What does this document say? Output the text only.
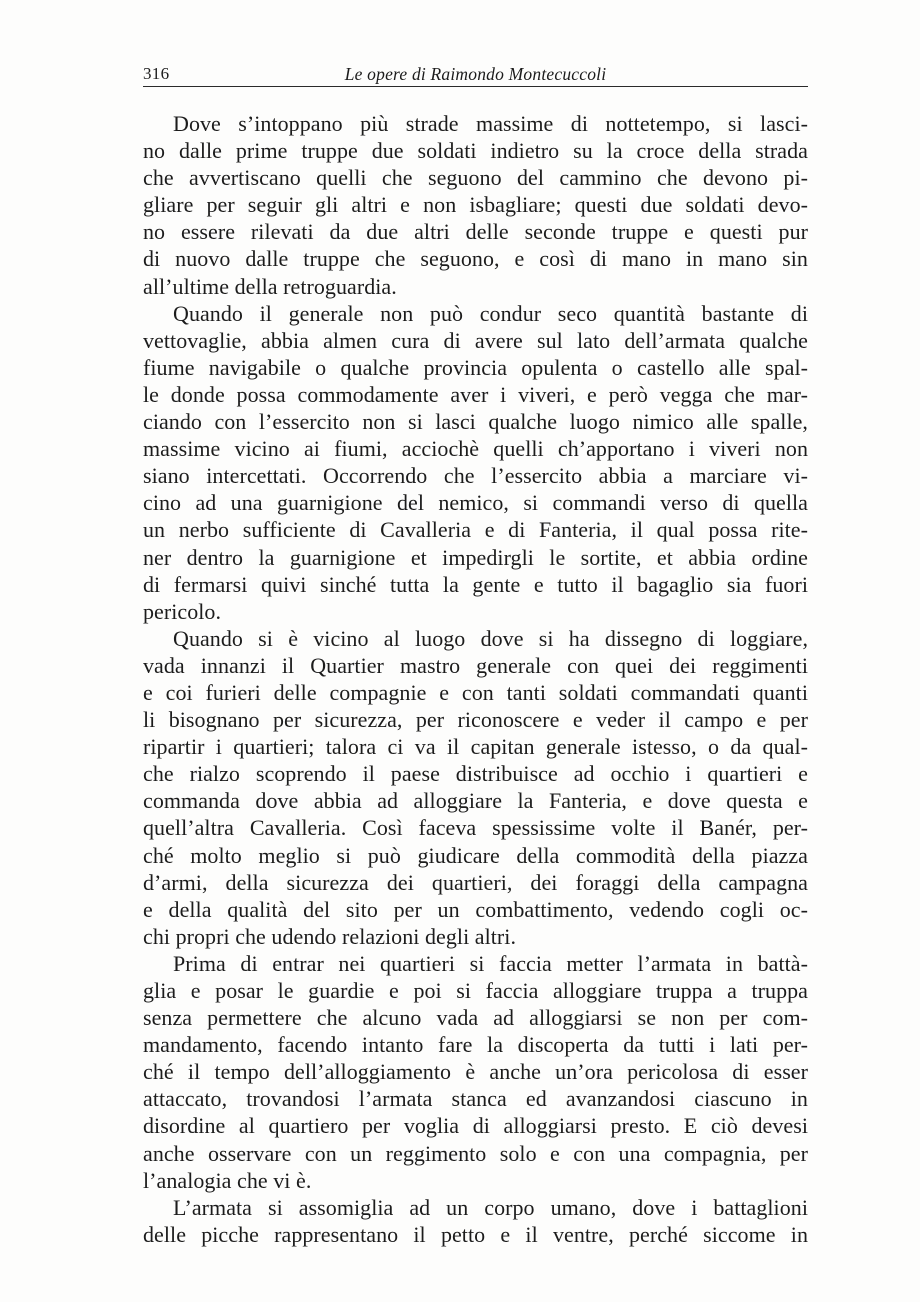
316	Le opere di Raimondo Montecuccoli
Dove s’intoppano più strade massime di nottetempo, si lasci-
no dalle prime truppe due soldati indietro su la croce della strada
che avvertiscano quelli che seguono del cammino che devono pi-
gliare per seguir gli altri e non isbagliare; questi due soldati devo-
no essere rilevati da due altri delle seconde truppe e questi pur
di nuovo dalle truppe che seguono, e così di mano in mano sin
all’ultime della retroguardia.
Quando il generale non può condur seco quantità bastante di
vettovaglie, abbia almen cura di avere sul lato dell’armata qualche
fiume navigabile o qualche provincia opulenta o castello alle spal-
le donde possa commodamente aver i viveri, e però vegga che mar-
ciando con l’essercito non si lasci qualche luogo nimico alle spalle,
massime vicino ai fiumi, acciochè quelli ch’apportano i viveri non
siano intercettati. Occorrendo che l’essercito abbia a marciare vi-
cino ad una guarnigione del nemico, si commandi verso di quella
un nerbo sufficiente di Cavalleria e di Fanteria, il qual possa rite-
ner dentro la guarnigione et impedirgli le sortite, et abbia ordine
di fermarsi quivi sinché tutta la gente e tutto il bagaglio sia fuori
pericolo.
Quando si è vicino al luogo dove si ha dissegno di loggiare,
vada innanzi il Quartier mastro generale con quei dei reggimenti
e coi furieri delle compagnie e con tanti soldati commandati quanti
li bisognano per sicurezza, per riconoscere e veder il campo e per
ripartir i quartieri; talora ci va il capitan generale istesso, o da qual-
che rialzo scoprendo il paese distribuisce ad occhio i quartieri e
commanda dove abbia ad alloggiare la Fanteria, e dove questa e
quell’altra Cavalleria. Così faceva spessissime volte il Banér, per-
ché molto meglio si può giudicare della commodità della piazza
d’armi, della sicurezza dei quartieri, dei foraggi della campagna
e della qualità del sito per un combattimento, vedendo cogli oc-
chi propri che udendo relazioni degli altri.
Prima di entrar nei quartieri si faccia metter l’armata in battà-
glia e posar le guardie e poi si faccia alloggiare truppa a truppa
senza permettere che alcuno vada ad alloggiarsi se non per com-
mandamento, facendo intanto fare la discoperta da tutti i lati per-
ché il tempo dell’alloggiamento è anche un’ora pericolosa di esser
attaccato, trovandosi l’armata stanca ed avanzandosi ciascuno in
disordine al quartiero per voglia di alloggiarsi presto. E ciò devesi
anche osservare con un reggimento solo e con una compagnia, per
l’analogia che vi è.
L’armata si assomiglia ad un corpo umano, dove i battaglioni
delle picche rappresentano il petto e il ventre, perché siccome in
